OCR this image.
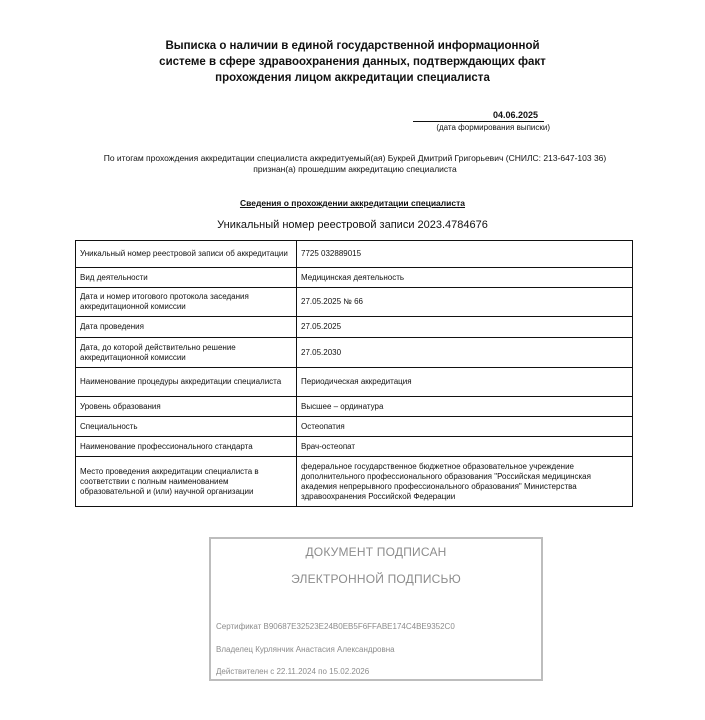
Выписка о наличии в единой государственной информационной
системе в сфере здравоохранения данных, подтверждающих факт
прохождения лицом аккредитации специалиста
04.06.2025
(дата формирования выписки)
По итогам прохождения аккредитации специалиста аккредитуемый(ая) Букрей Дмитрий Григорьевич (СНИЛС: 213-647-103 36)
признан(а) прошедшим аккредитацию специалиста
Сведения о прохождении аккредитации специалиста
Уникальный номер реестровой записи 2023.4784676
Уникальный номер реестровой записи об аккредитации	7725 032889015
Вид деятельности	Медицинская деятельность
Дата и номер итогового протокола заседания аккредитационной комиссии	27.05.2025 № 66
Дата проведения	27.05.2025
Дата, до которой действительно решение аккредитационной комиссии	27.05.2030
Наименование процедуры аккредитации специалиста	Периодическая аккредитация
Уровень образования	Высшее – ординатура
Специальность	Остеопатия
Наименование профессионального стандарта	Врач-остеопат
Место проведения аккредитации специалиста в соответствии с полным наименованием образовательной и (или) научной организации	федеральное государственное бюджетное образовательное учреждение дополнительного профессионального образования "Российская медицинская академия непрерывного профессионального образования" Министерства здравоохранения Российской Федерации
ДОКУМЕНТ ПОДПИСАН
ЭЛЕКТРОННОЙ ПОДПИСЬЮ
Сертификат B90687E32523E24B0EB5F6FFABE174C4BE9352C0
Владелец Курлянчик Анастасия Александровна
Действителен с 22.11.2024 по 15.02.2026
